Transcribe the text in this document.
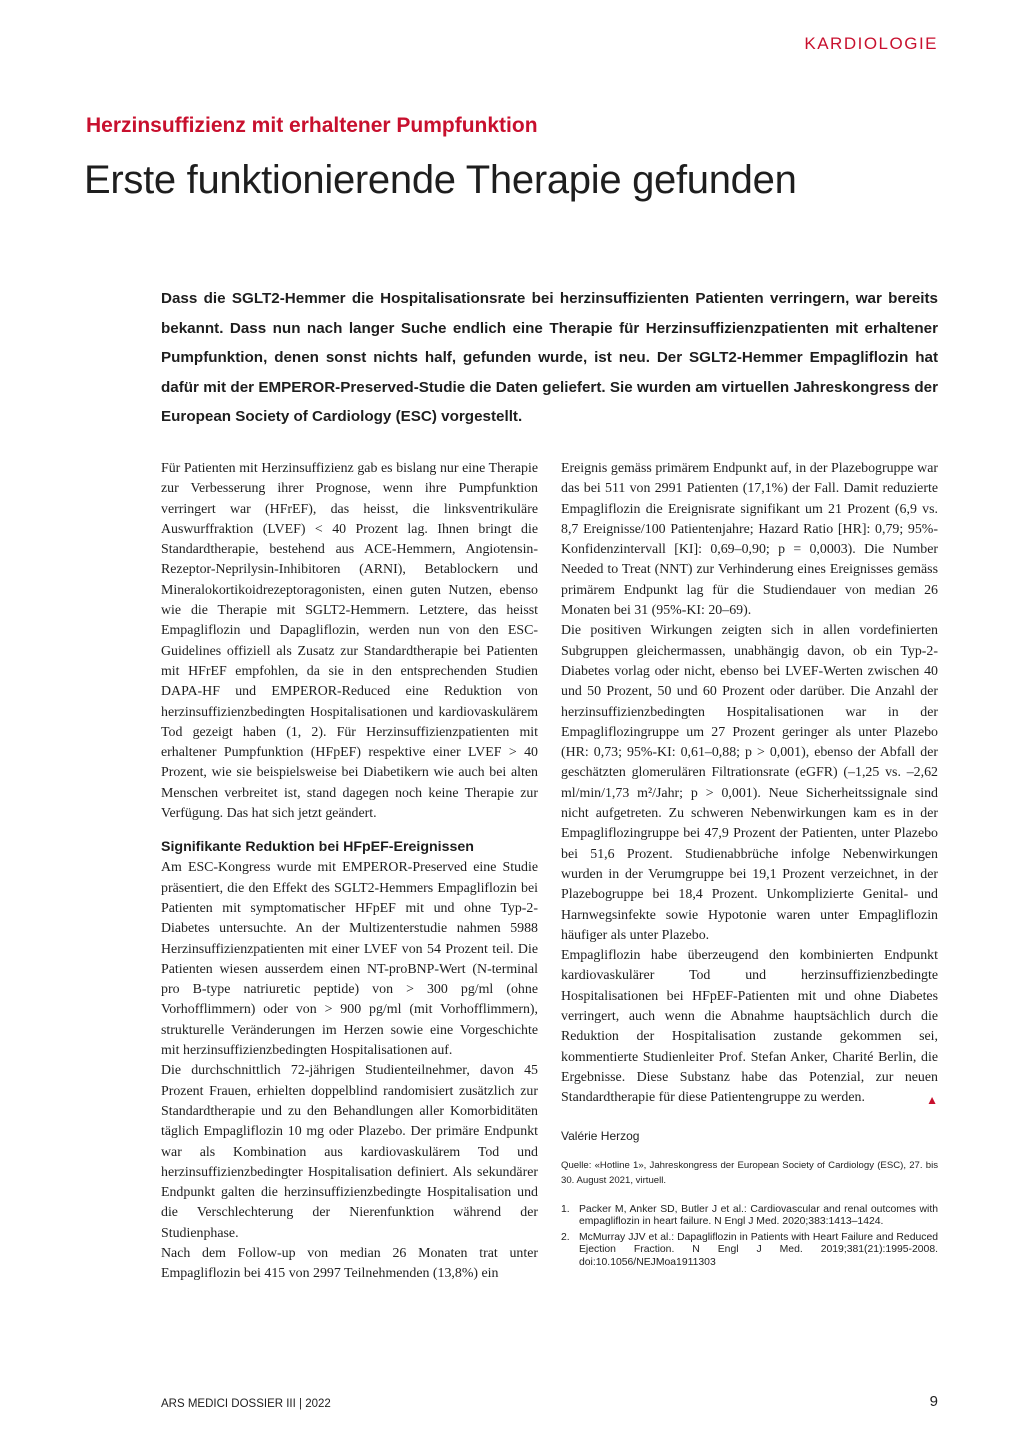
KARDIOLOGIE
Herzinsuffizienz mit erhaltener Pumpfunktion
Erste funktionierende Therapie gefunden

Dass die SGLT2-Hemmer die Hospitalisationsrate bei herzinsuffizienten Patienten verringern, war bereits bekannt. Dass nun nach langer Suche endlich eine Therapie für Herzinsuffizienzpatienten mit erhaltener Pumpfunktion, denen sonst nichts half, gefunden wurde, ist neu. Der SGLT2-Hemmer Empagliflozin hat dafür mit der EMPEROR-Preserved-Studie die Daten geliefert. Sie wurden am virtuellen Jahreskongress der European Society of Cardiology (ESC) vorgestellt.

Für Patienten mit Herzinsuffizienz gab es bislang nur eine Therapie zur Verbesserung ihrer Prognose, wenn ihre Pumpfunktion verringert war (HFrEF), das heisst, die linksventrikuläre Auswurffraktion (LVEF) < 40 Prozent lag. Ihnen bringt die Standardtherapie, bestehend aus ACE-Hemmern, Angiotensin-Rezeptor-Neprilysin-Inhibitoren (ARNI), Betablockern und Mineralokortikoidrezeptoragonisten, einen guten Nutzen, ebenso wie die Therapie mit SGLT2-Hemmern. Letztere, das heisst Empagliflozin und Dapagliflozin, werden nun von den ESC-Guidelines offiziell als Zusatz zur Standardtherapie bei Patienten mit HFrEF empfohlen, da sie in den entsprechenden Studien DAPA-HF und EMPEROR-Reduced eine Reduktion von herzinsuffizienzbedingten Hospitalisationen und kardiovaskulärem Tod gezeigt haben (1, 2). Für Herzinsuffizienzpatienten mit erhaltener Pumpfunktion (HFpEF) respektive einer LVEF > 40 Prozent, wie sie beispielsweise bei Diabetikern wie auch bei alten Menschen verbreitet ist, stand dagegen noch keine Therapie zur Verfügung. Das hat sich jetzt geändert.

Signifikante Reduktion bei HFpEF-Ereignissen

Am ESC-Kongress wurde mit EMPEROR-Preserved eine Studie präsentiert, die den Effekt des SGLT2-Hemmers Empagliflozin bei Patienten mit symptomatischer HFpEF mit und ohne Typ-2-Diabetes untersuchte. An der Multizenterstudie nahmen 5988 Herzinsuffizienzpatienten mit einer LVEF von 54 Prozent teil. Die Patienten wiesen ausserdem einen NT-proBNP-Wert (N-terminal pro B-type natriuretic peptide) von > 300 pg/ml (ohne Vorhofflimmern) oder von > 900 pg/ml (mit Vorhofflimmern), strukturelle Veränderungen im Herzen sowie eine Vorgeschichte mit herzinsuffizienzbedingten Hospitalisationen auf.

Die durchschnittlich 72-jährigen Studienteilnehmer, davon 45 Prozent Frauen, erhielten doppelblind randomisiert zusätzlich zur Standardtherapie und zu den Behandlungen aller Komorbiditäten täglich Empagliflozin 10 mg oder Plazebo. Der primäre Endpunkt war als Kombination aus kardiovaskulärem Tod und herzinsuffizienzbedingter Hospitalisation definiert. Als sekundärer Endpunkt galten die herzinsuffizienzbedingte Hospitalisation und die Verschlechterung der Nierenfunktion während der Studienphase.

Nach dem Follow-up von median 26 Monaten trat unter Empagliflozin bei 415 von 2997 Teilnehmenden (13,8%) ein

Ereignis gemäss primärem Endpunkt auf, in der Plazebogruppe war das bei 511 von 2991 Patienten (17,1%) der Fall. Damit reduzierte Empagliflozin die Ereignisrate signifikant um 21 Prozent (6,9 vs. 8,7 Ereignisse/100 Patientenjahre; Hazard Ratio [HR]: 0,79; 95%-Konfidenzintervall [KI]: 0,69–0,90; p = 0,0003). Die Number Needed to Treat (NNT) zur Verhinderung eines Ereignisses gemäss primärem Endpunkt lag für die Studiendauer von median 26 Monaten bei 31 (95%-KI: 20–69).

Die positiven Wirkungen zeigten sich in allen vordefinierten Subgruppen gleichermassen, unabhängig davon, ob ein Typ-2-Diabetes vorlag oder nicht, ebenso bei LVEF-Werten zwischen 40 und 50 Prozent, 50 und 60 Prozent oder darüber. Die Anzahl der herzinsuffizienzbedingten Hospitalisationen war in der Empagliflozingruppe um 27 Prozent geringer als unter Plazebo (HR: 0,73; 95%-KI: 0,61–0,88; p > 0,001), ebenso der Abfall der geschätzten glomerulären Filtrationsrate (eGFR) (–1,25 vs. –2,62 ml/min/1,73 m²/Jahr; p > 0,001). Neue Sicherheitssignale sind nicht aufgetreten. Zu schweren Nebenwirkungen kam es in der Empagliflozingruppe bei 47,9 Prozent der Patienten, unter Plazebo bei 51,6 Prozent. Studienabbrüche infolge Nebenwirkungen wurden in der Verumgruppe bei 19,1 Prozent verzeichnet, in der Plazebogruppe bei 18,4 Prozent. Unkomplizierte Genital- und Harnwegsinfekte sowie Hypotonie waren unter Empagliflozin häufiger als unter Plazebo.

Empagliflozin habe überzeugend den kombinierten Endpunkt kardiovaskulärer Tod und herzinsuffizienzbedingte Hospitalisationen bei HFpEF-Patienten mit und ohne Diabetes verringert, auch wenn die Abnahme hauptsächlich durch die Reduktion der Hospitalisation zustande gekommen sei, kommentierte Studienleiter Prof. Stefan Anker, Charité Berlin, die Ergebnisse. Diese Substanz habe das Potenzial, zur neuen Standardtherapie für diese Patientengruppe zu werden.	▲

Valérie Herzog
Quelle: «Hotline 1», Jahreskongress der European Society of Cardiology (ESC), 27. bis 30. August 2021, virtuell.
1. Packer M, Anker SD, Butler J et al.: Cardiovascular and renal outcomes with empagliflozin in heart failure. N Engl J Med. 2020;383:1413–1424.
2. McMurray JJV et al.: Dapagliflozin in Patients with Heart Failure and Reduced Ejection Fraction. N Engl J Med. 2019;381(21):1995-2008. doi:10.1056/NEJMoa1911303
ARS MEDICI DOSSIER III | 2022	9
